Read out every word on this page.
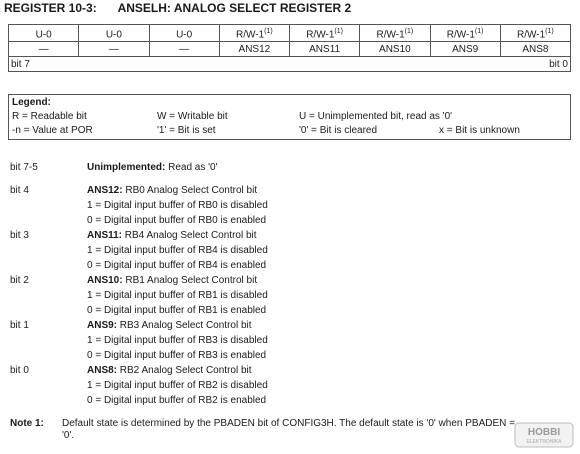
REGISTER 10-3: ANSELH: ANALOG SELECT REGISTER 2
U-0	U-0	U-0	R/W-1$^{(1)}$	R/W-1$^{(1)}$	R/W-1$^{(1)}$	R/W-1$^{(1)}$	R/W-1$^{(1)}$
—	—	—	ANS12	ANS11	ANS10	ANS9	ANS8

bit 7 bit 0							
Legend:
R = Readable bit	W = Writable bit	U = Unimplemented bit, read as '0'
-n = Value at POR	'1' = Bit is set	'0' = Bit is cleared	x = Bit is unknown
bit 7-5	Unimplemented: Read as '0'
bit 4	ANS12: RB0 Analog Select Control bit
1 = Digital input buffer of RB0 is disabled
0 = Digital input buffer of RB0 is enabled
bit 3	ANS11: RB4 Analog Select Control bit
1 = Digital input buffer of RB4 is disabled
0 = Digital input buffer of RB4 is enabled
bit 2	ANS10: RB1 Analog Select Control bit
1 = Digital input buffer of RB1 is disabled
0 = Digital input buffer of RB1 is enabled
bit 1	ANS9: RB3 Analog Select Control bit
1 = Digital input buffer of RB3 is disabled
0 = Digital input buffer of RB3 is enabled
bit 0	ANS8: RB2 Analog Select Control bit
1 = Digital input buffer of RB2 is disabled
0 = Digital input buffer of RB2 is enabled
Note 1: Default state is determined by the PBADEN bit of CONFIG3H. The default state is '0' when PBADEN = '0'.	HOBBI
ELEKTRONIKA
